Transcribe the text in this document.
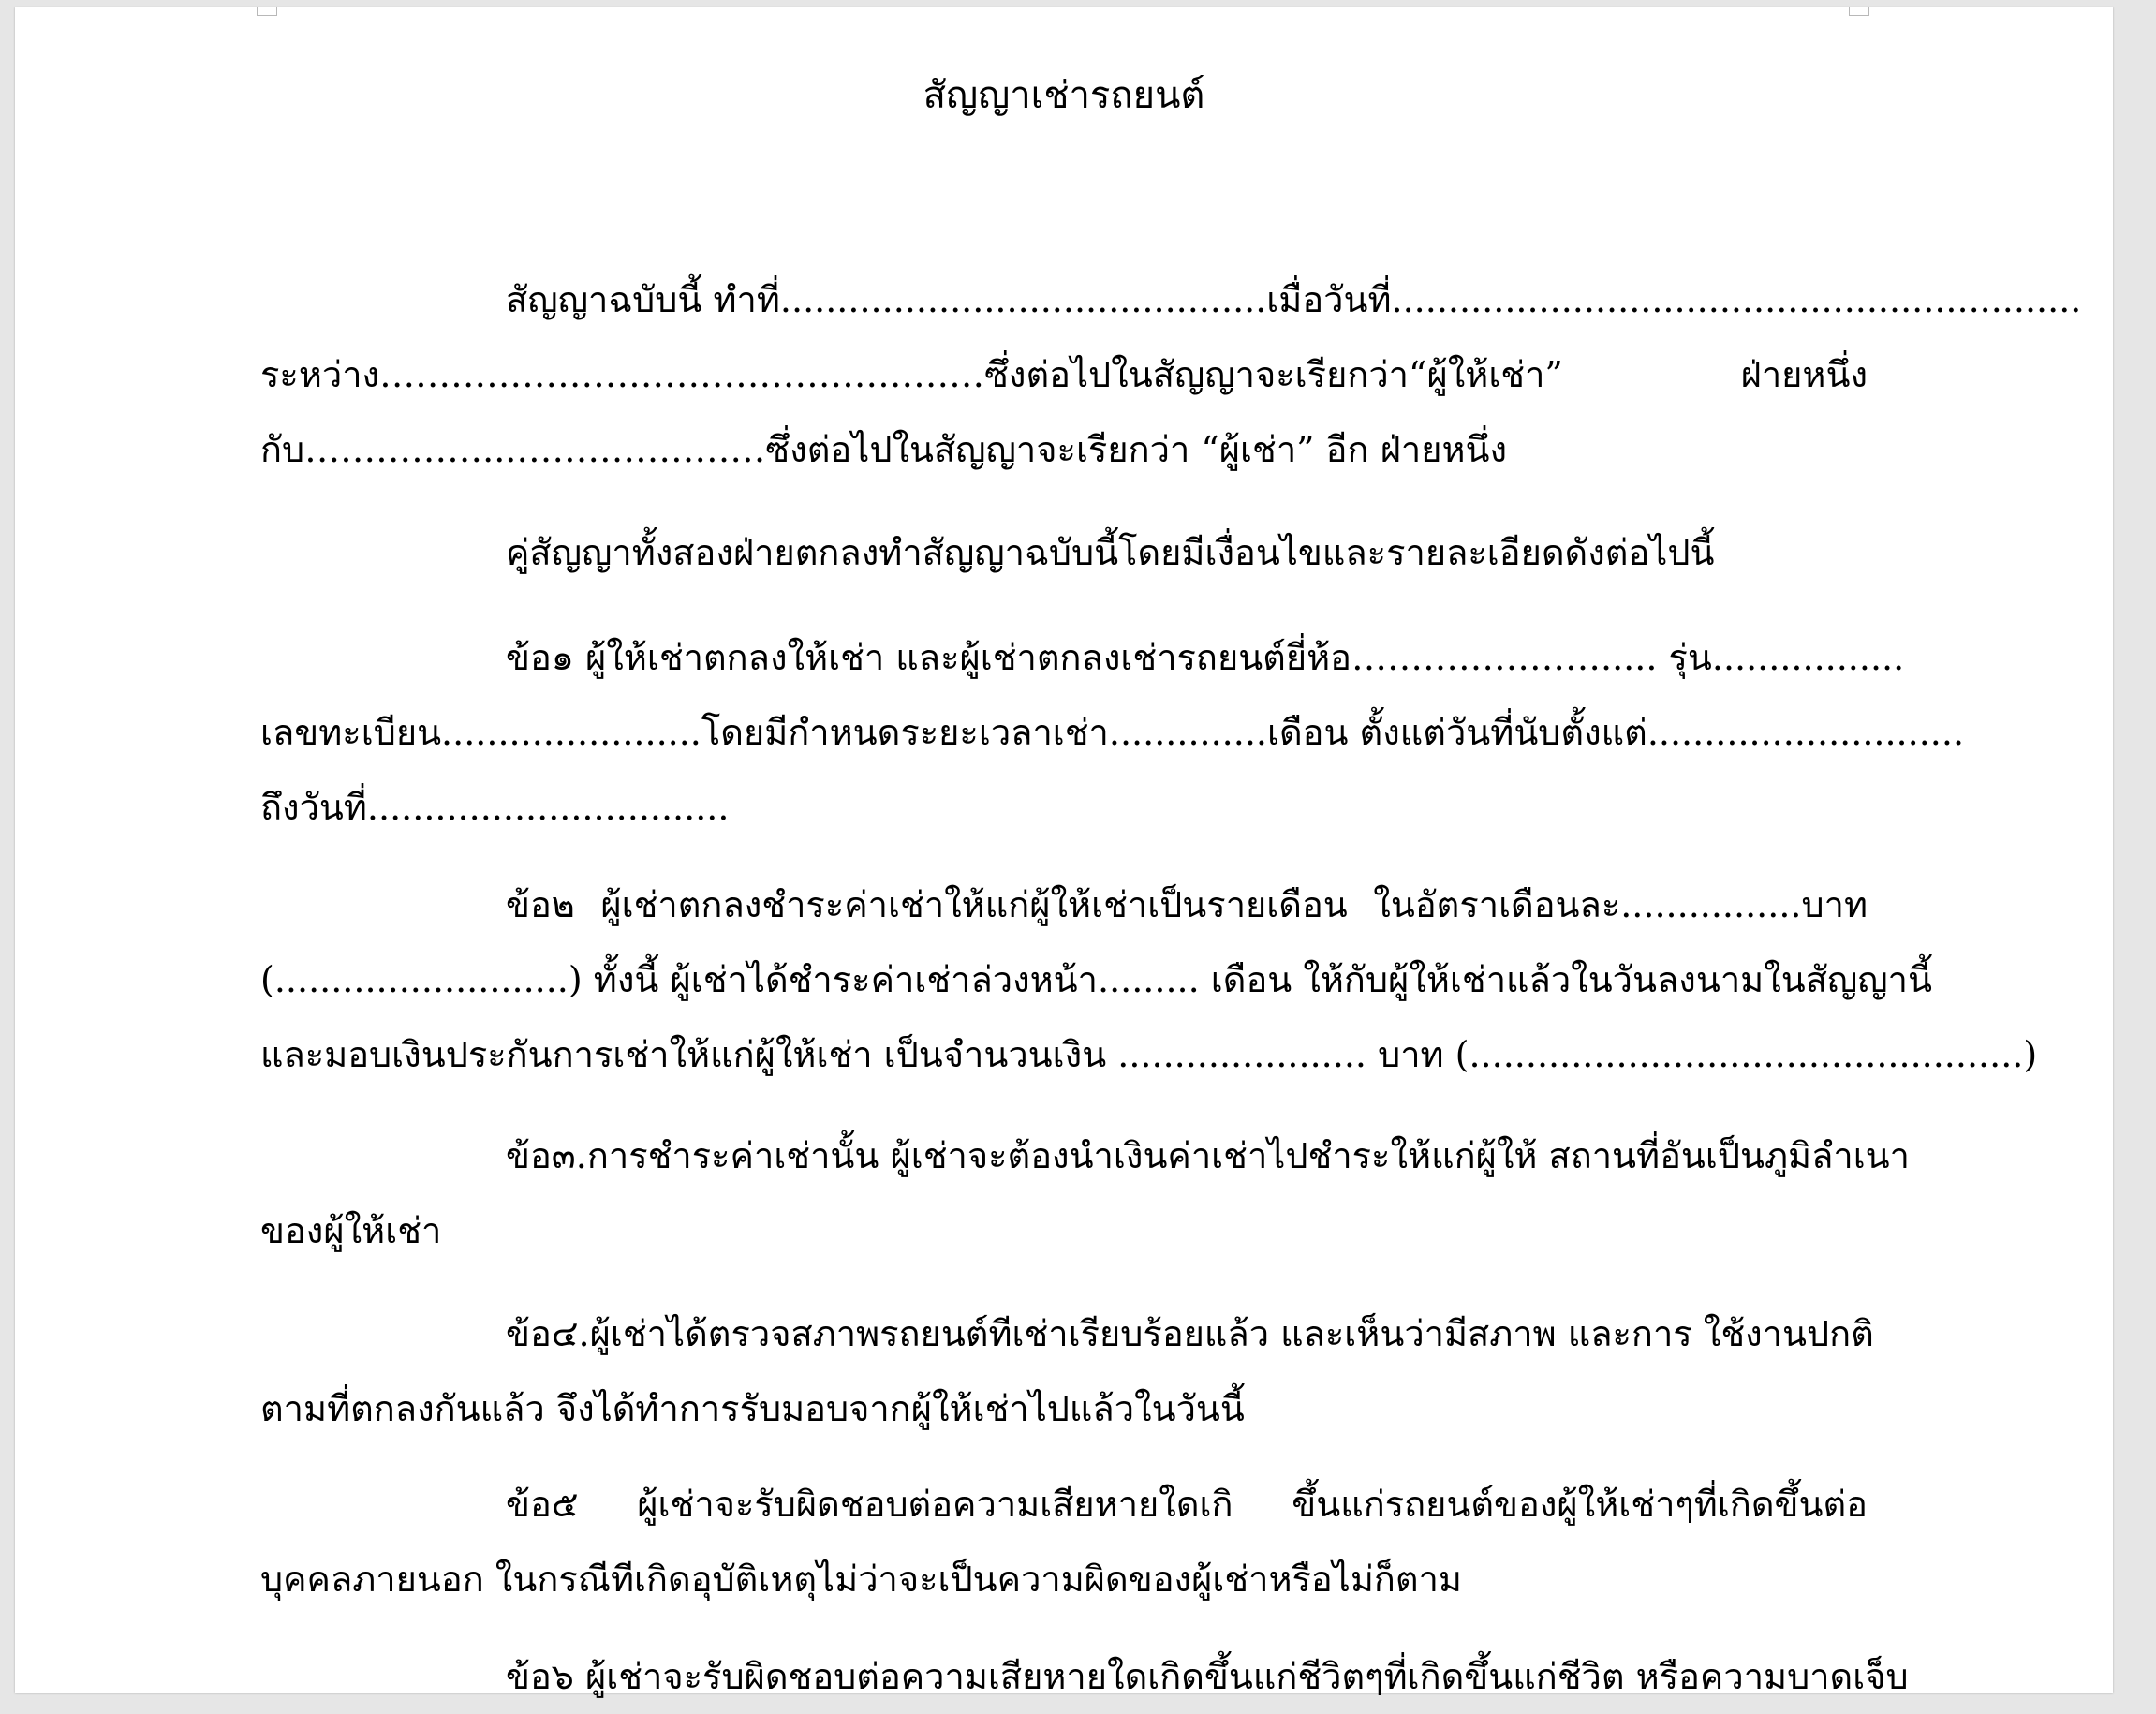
สัญญาเช่ารถยนต์
สัญญาฉบับนี้ ทำที่...........................................เมื่อวันที่.............................................................
ระหว่าง……………………………………………ซึ่งต่อไปในสัญญาจะเรียกว่า“ผู้ให้เช่า” ฝ่ายหนึ่ง
กับ……………...…………………ซึ่งต่อไปในสัญญาจะเรียกว่า “ผู้เช่า” อีก ฝ่ายหนึ่ง
คู่สัญญาทั้งสองฝ่ายตกลงทำสัญญาฉบับนี้โดยมีเงื่อนไขและรายละเอียดดังต่อไปนี้
ข้อ๑ ผู้ให้เช่าตกลงให้เช่า และผู้เช่าตกลงเช่ารถยนต์ยี่ห้อ…………………..... รุ่น.................
เลขทะเบียน.......................โดยมีกำหนดระยะเวลาเช่า..............เดือน ตั้งแต่วันที่นับตั้งแต่............................
ถึงวันที่................................
ข้อ๒ ผู้เช่าตกลงชำระค่าเช่าให้แก่ผู้ให้เช่าเป็นรายเดือน ในอัตราเดือนละ................บาท
(..........................) ทั้งนี้ ผู้เช่าได้ชำระค่าเช่าล่วงหน้า......... เดือน ให้กับผู้ให้เช่าแล้วในวันลงนามในสัญญานี้
และมอบเงินประกันการเช่าให้แก่ผู้ให้เช่า เป็นจำนวนเงิน ...................... บาท (.................................................)
ข้อ๓.การชำระค่าเช่านั้น ผู้เช่าจะต้องนำเงินค่าเช่าไปชำระให้แก่ผู้ให้ สถานที่อันเป็นภูมิลำเนา
ของผู้ให้เช่า
ข้อ๔.ผู้เช่าได้ตรวจสภาพรถยนต์ทีเช่าเรียบร้อยแล้ว และเห็นว่ามีสภาพ และการ ใช้งานปกติ
ตามที่ตกลงกันแล้ว จึงได้ทำการรับมอบจากผู้ให้เช่าไปแล้วในวันนี้
ข้อ๕ ผู้เช่าจะรับผิดชอบต่อความเสียหายใดเกิ ขึ้นแก่รถยนต์ของผู้ให้เช่าๆที่เกิดขึ้นต่อ
บุคคลภายนอก ในกรณีทีเกิดอุบัติเหตุไม่ว่าจะเป็นความผิดของผู้เช่าหรือไม่ก็ตาม
ข้อ๖ ผู้เช่าจะรับผิดชอบต่อความเสียหายใดเกิดขึ้นแก่ชีวิตๆที่เกิดขึ้นแก่ชีวิต หรือความบาดเจ็บ
